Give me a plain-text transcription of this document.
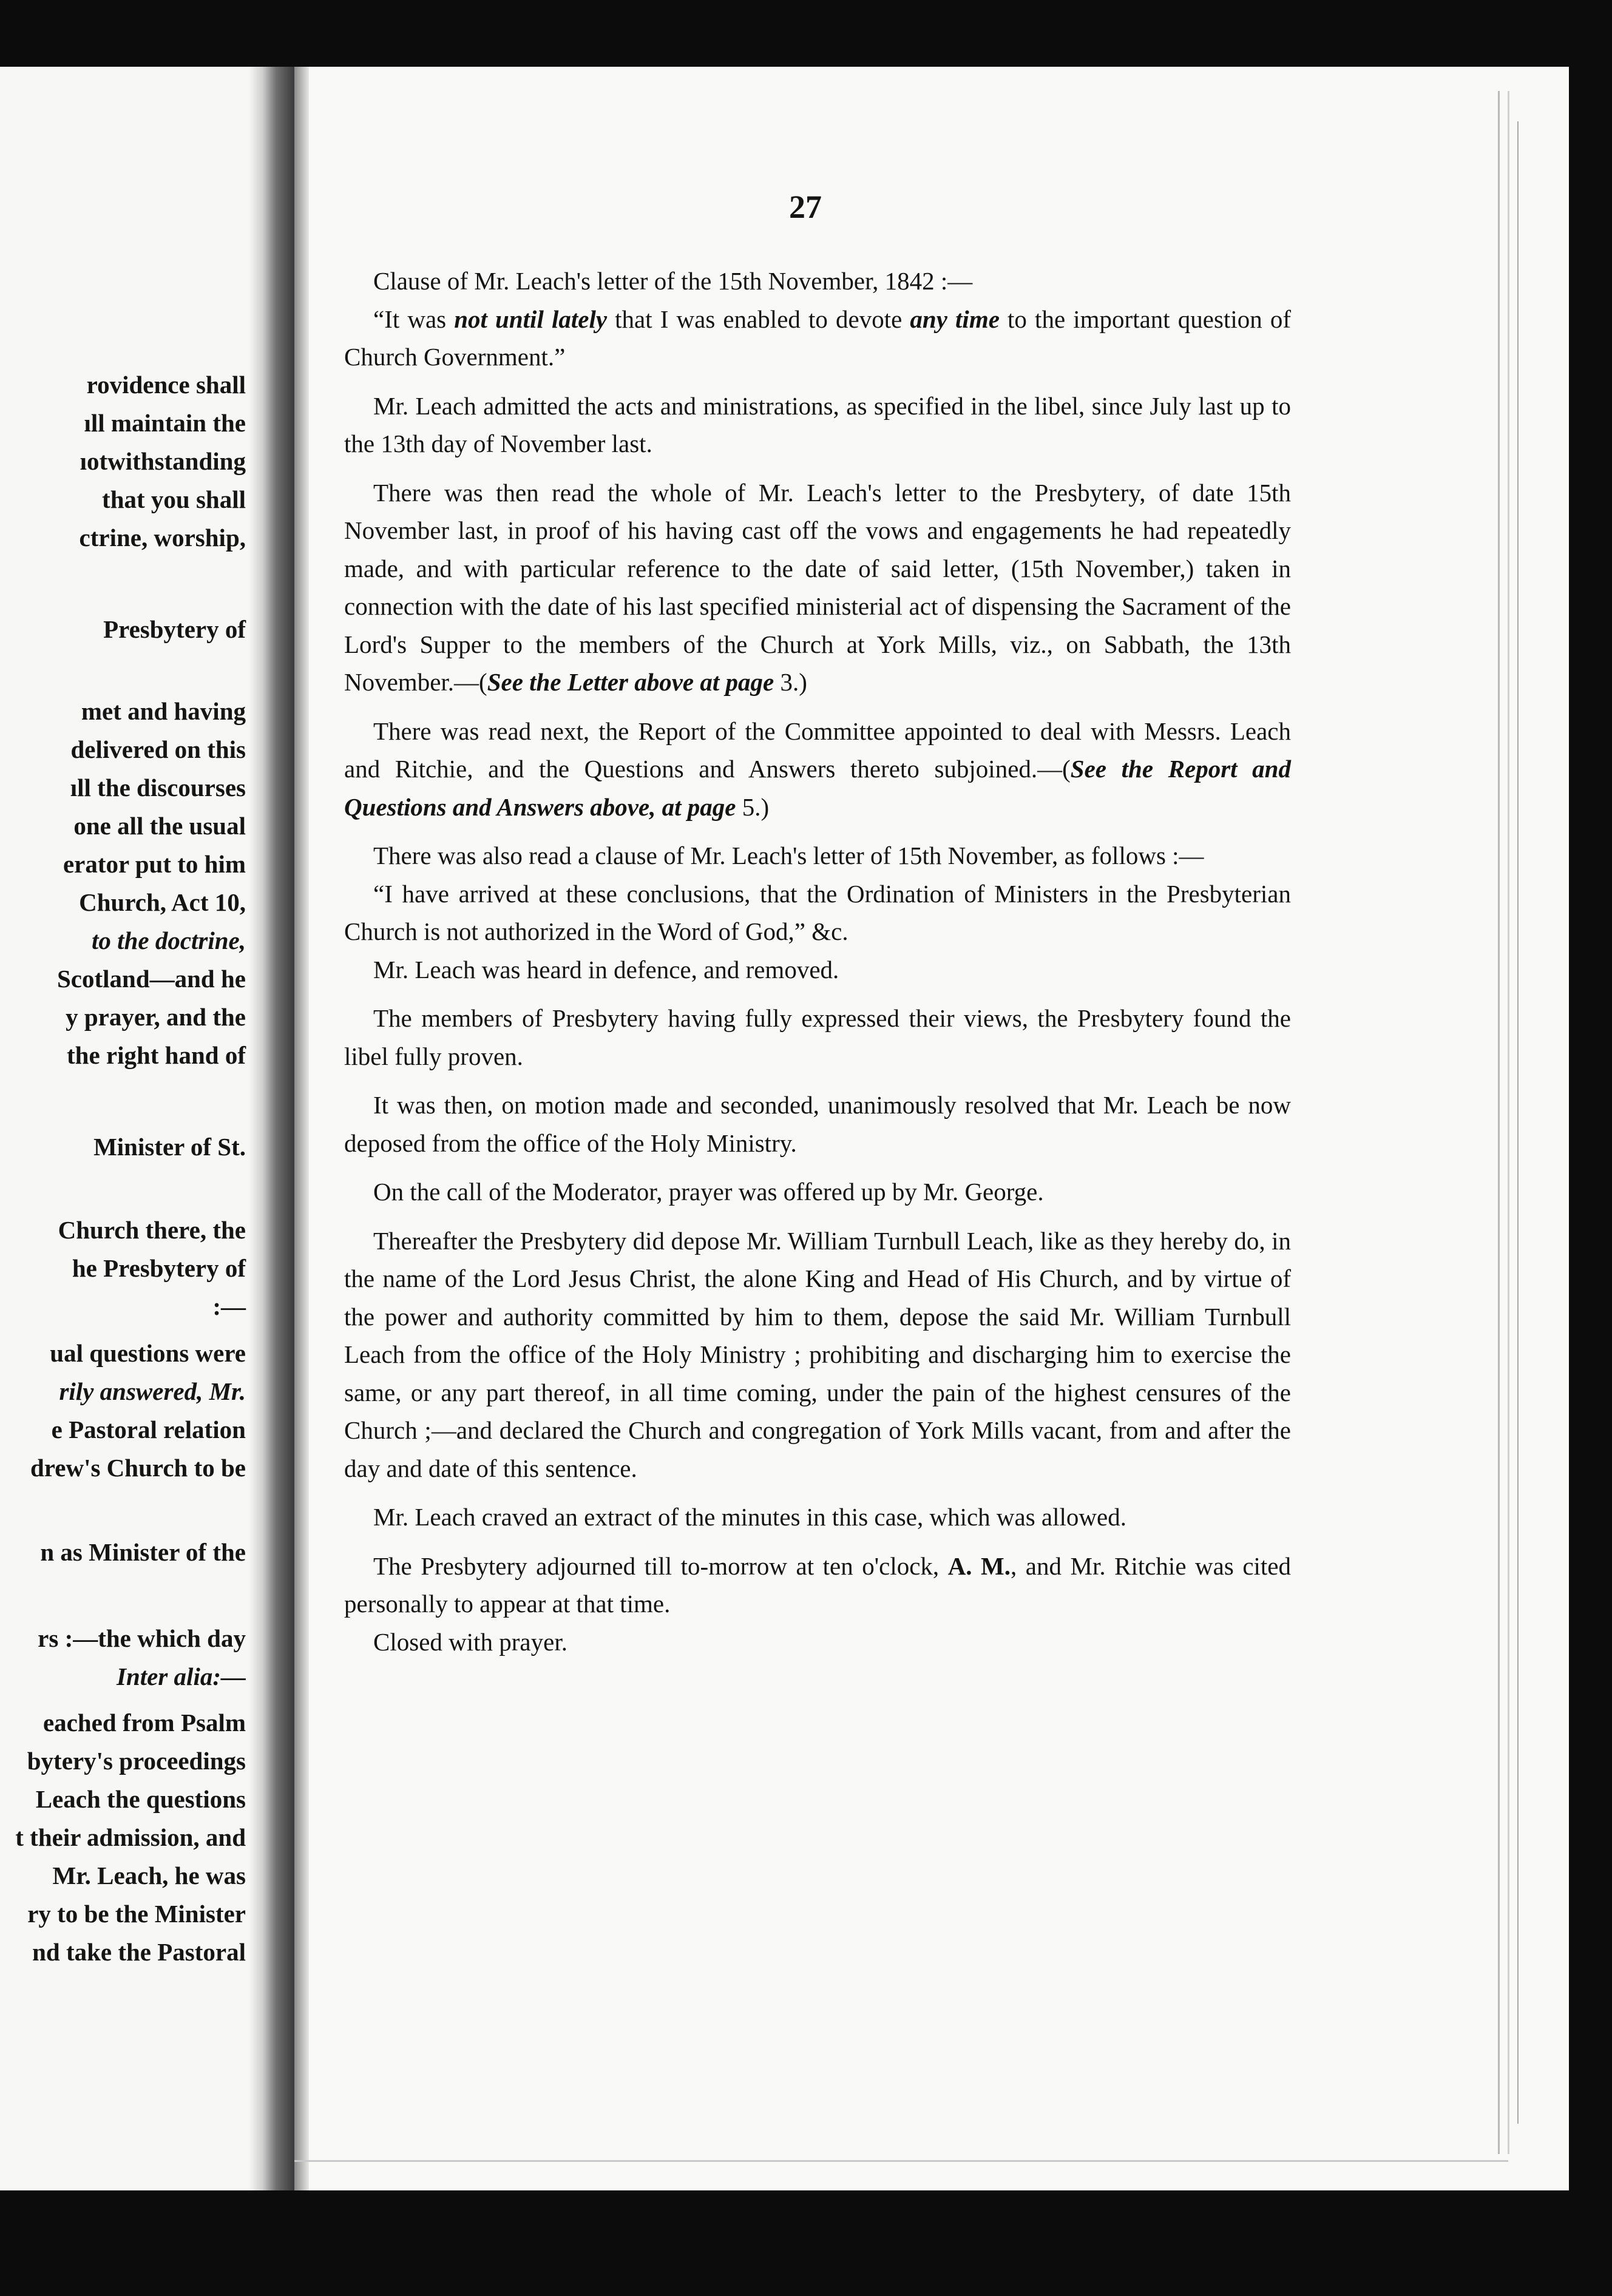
rovidence shall
ıll maintain the
ıotwithstanding
that you shall
ctrine, worship,
Presbytery of
met and having
delivered on this
ıll the discourses
one all the usual
erator put to him
Church, Act 10,
to the doctrine,
Scotland—and he
y prayer, and the
the right hand of
Minister of St.
Church there, the
he Presbytery of
:—
ual questions were
rily answered, Mr.
e Pastoral relation
drew's Church to be
n as Minister of the
rs :—the which day
Inter alia:—
eached from Psalm
bytery's proceedings
Leach the questions
t their admission, and
Mr. Leach, he was
ry to be the Minister
nd take the Pastoral
27

Clause of Mr. Leach's letter of the 15th November, 1842 :—

“It was not until lately that I was enabled to devote any time to the important question of Church Government.”

Mr. Leach admitted the acts and ministrations, as specified in the libel, since July last up to the 13th day of November last.

There was then read the whole of Mr. Leach's letter to the Presbytery, of date 15th November last, in proof of his having cast off the vows and engagements he had repeatedly made, and with particular reference to the date of said letter, (15th November,) taken in connection with the date of his last specified ministerial act of dispensing the Sacrament of the Lord's Supper to the members of the Church at York Mills, viz., on Sabbath, the 13th November.—(See the Letter above at page 3.)

There was read next, the Report of the Committee appointed to deal with Messrs. Leach and Ritchie, and the Questions and Answers thereto subjoined.—(See the Report and Questions and Answers above, at page 5.)

There was also read a clause of Mr. Leach's letter of 15th November, as follows :—

“I have arrived at these conclusions, that the Ordination of Ministers in the Presbyterian Church is not authorized in the Word of God,” &c.

Mr. Leach was heard in defence, and removed.

The members of Presbytery having fully expressed their views, the Presbytery found the libel fully proven.

It was then, on motion made and seconded, unanimously resolved that Mr. Leach be now deposed from the office of the Holy Ministry.

On the call of the Moderator, prayer was offered up by Mr. George.

Thereafter the Presbytery did depose Mr. William Turnbull Leach, like as they hereby do, in the name of the Lord Jesus Christ, the alone King and Head of His Church, and by virtue of the power and authority committed by him to them, depose the said Mr. William Turnbull Leach from the office of the Holy Ministry ; prohibiting and discharging him to exercise the same, or any part thereof, in all time coming, under the pain of the highest censures of the Church ;—and declared the Church and congregation of York Mills vacant, from and after the day and date of this sentence.

Mr. Leach craved an extract of the minutes in this case, which was allowed.

The Presbytery adjourned till to-morrow at ten o'clock, A. M., and Mr. Ritchie was cited personally to appear at that time.

Closed with prayer.
